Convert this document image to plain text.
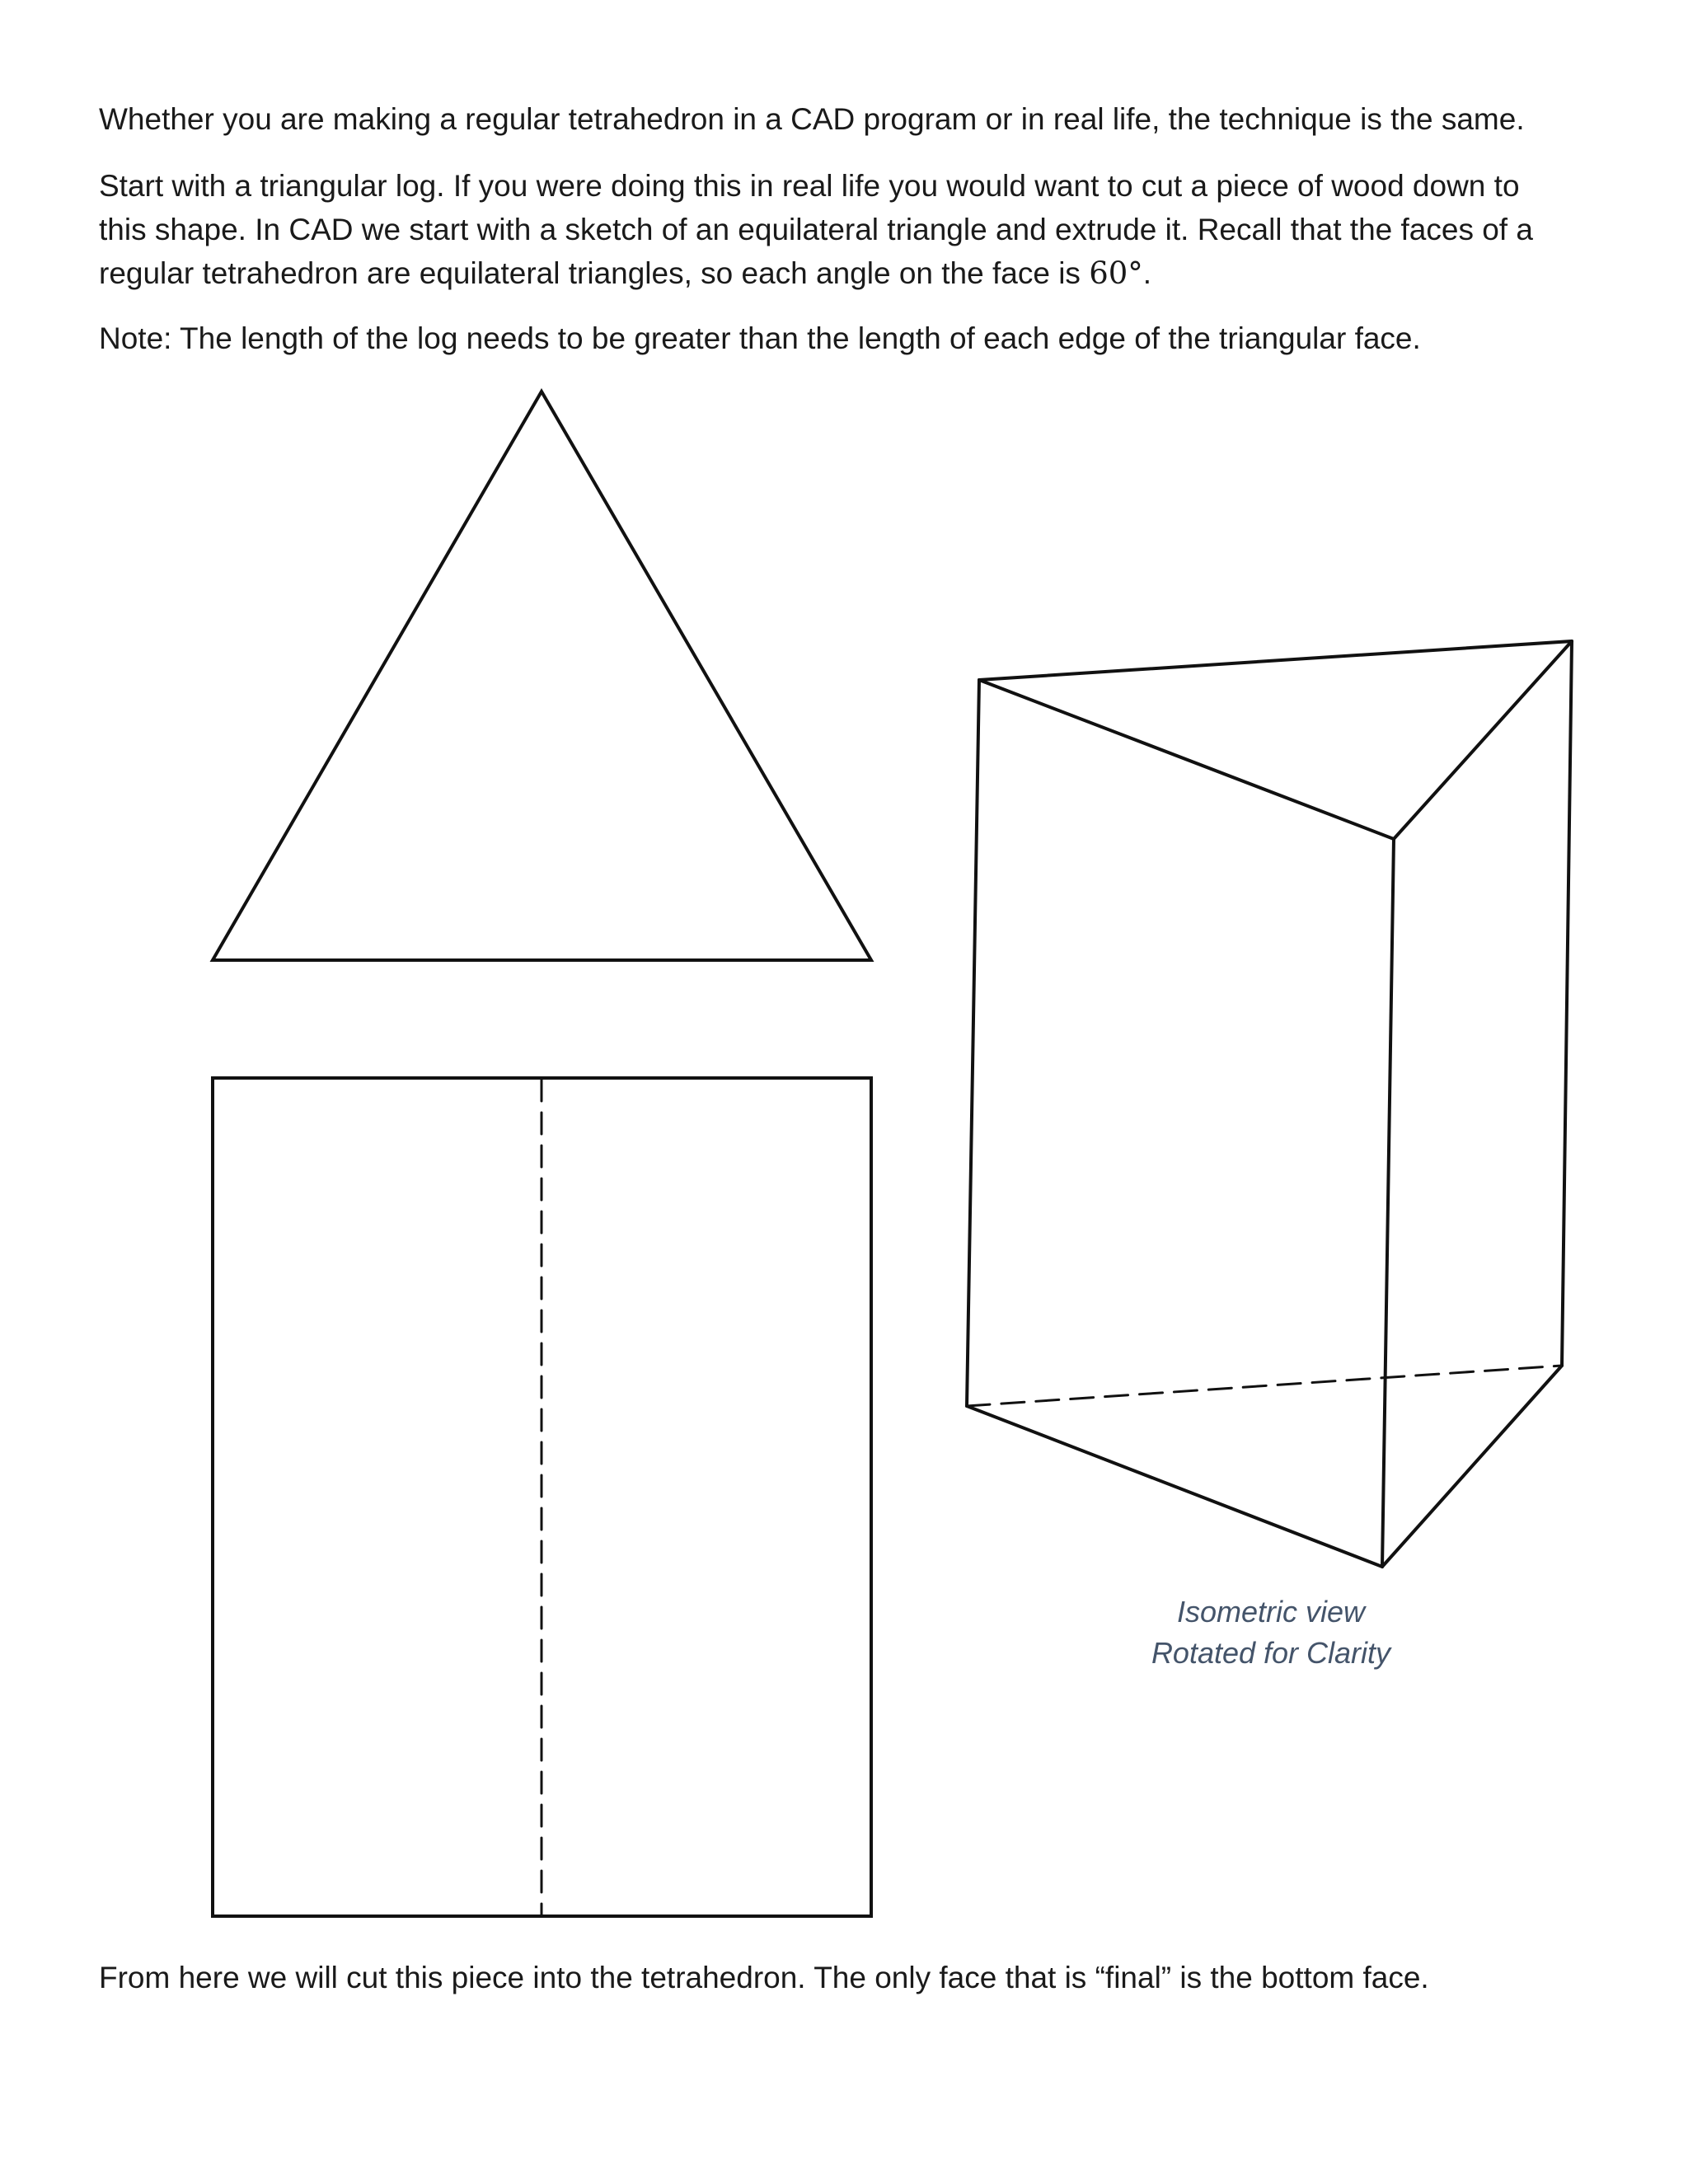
Whether you are making a regular tetrahedron in a CAD program or in real life, the technique is the same.

Start with a triangular log. If you were doing this in real life you would want to cut a piece of wood down to this shape. In CAD we start with a sketch of an equilateral triangle and extrude it. Recall that the faces of a regular tetrahedron are equilateral triangles, so each angle on the face is 60°.

Note: The length of the log needs to be greater than the length of each edge of the triangular face.

Isometric view
Rotated for Clarity

From here we will cut this piece into the tetrahedron. The only face that is “final” is the bottom face.
